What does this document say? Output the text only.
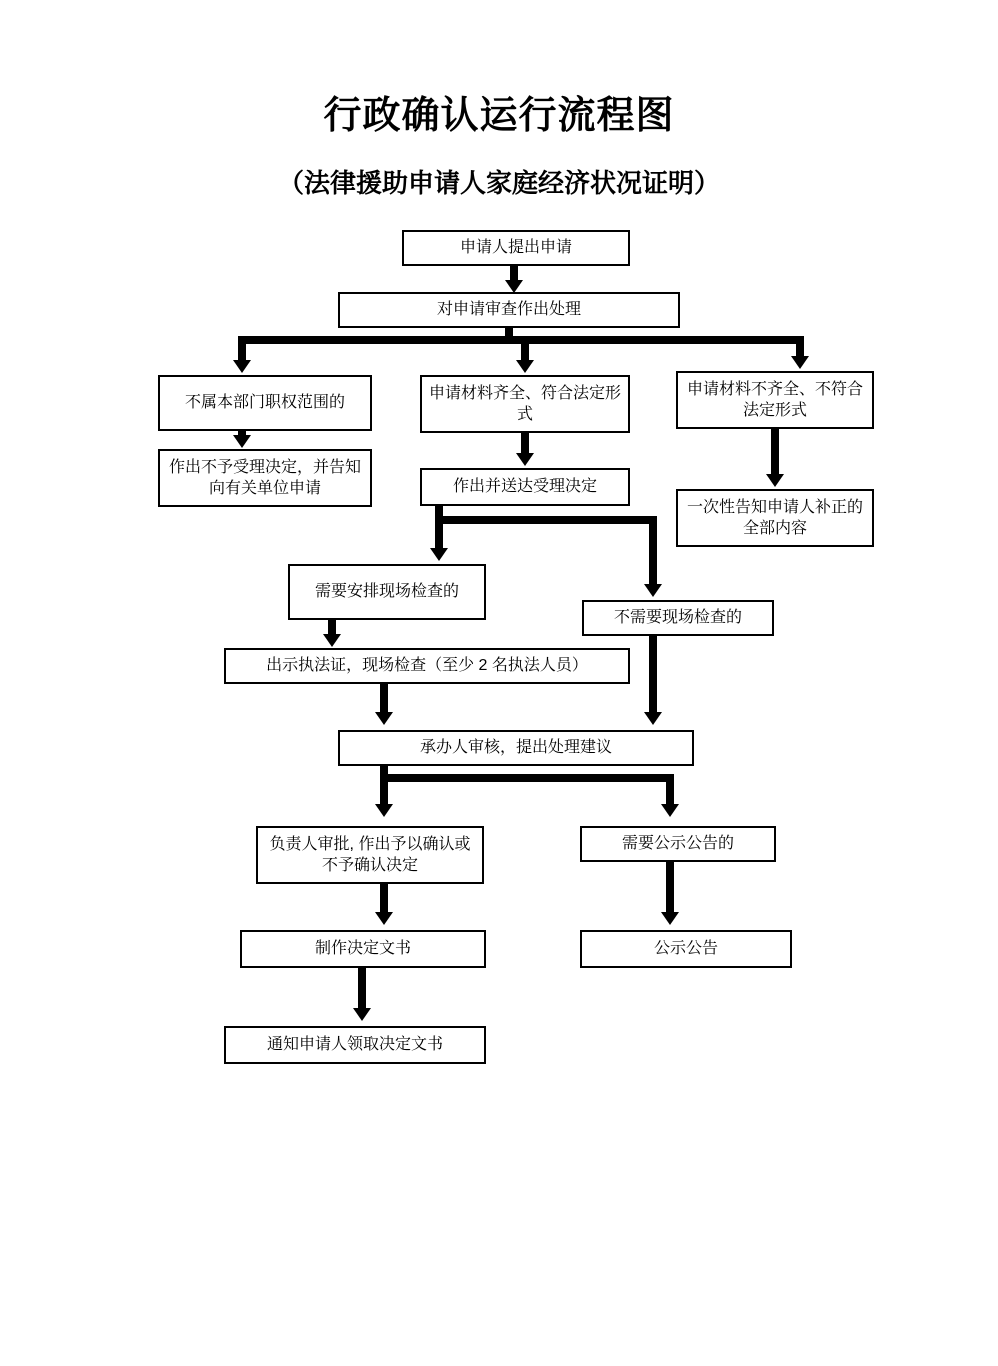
行政确认运行流程图
（法律援助申请人家庭经济状况证明）
申请人提出申请
对申请审查作出处理
不属本部门职权范围的
申请材料齐全、符合法定形式
申请材料不齐全、不符合法定形式
作出不予受理决定，并告知向有关单位申请	作出并送达受理决定
一次性告知申请人补正的全部内容
需要安排现场检查的
不需要现场检查的
出示执法证，现场检查（至少 2 名执法人员）
承办人审核，提出处理建议
负责人审批, 作出予以确认或不予确认决定
需要公示公告的
制作决定文书	公示公告
通知申请人领取决定文书
